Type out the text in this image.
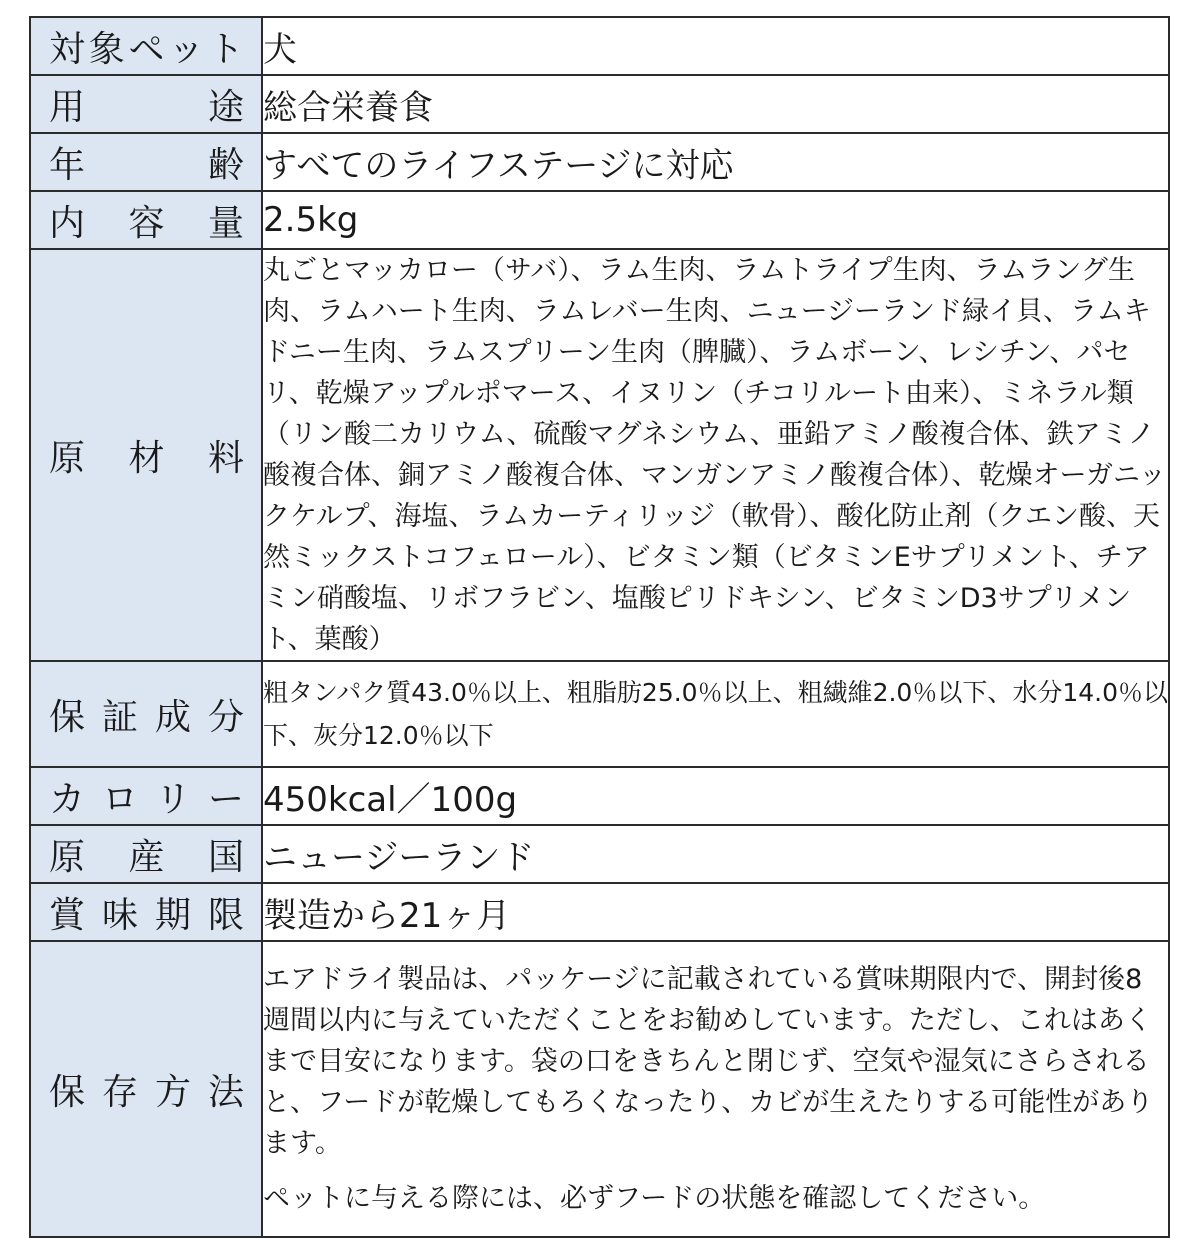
対象ペット	犬
用　途	総合栄養食
年　齢	すべてのライフステージに対応
内容量	2.5kg
原材料	丸ごとマッカロー（サバ）、ラム生肉、ラムトライプ生肉、ラムラング生肉、ラムハート生肉、ラムレバー生肉、ニュージーランド緑イ貝、ラムキドニー生肉、ラムスプリーン生肉（脾臓）、ラムボーン、レシチン、パセリ、乾燥アップルポマース、イヌリン（チコリルート由来）、ミネラル類（リン酸二カリウム、硫酸マグネシウム、亜鉛アミノ酸複合体、鉄アミノ酸複合体、銅アミノ酸複合体、マンガンアミノ酸複合体）、乾燥オーガニックケルプ、海塩、ラムカーティリッジ（軟骨）、酸化防止剤（クエン酸、天然ミックストコフェロール）、ビタミン類（ビタミンEサプリメント、チアミン硝酸塩、リボフラビン、塩酸ピリドキシン、ビタミンD3サプリメント、葉酸）
保証成分	粗タンパク質43.0％以上、粗脂肪25.0％以上、粗繊維2.0％以下、水分14.0％以下、灰分12.0％以下
カロリー	450kcal／100g
原産国	ニュージーランド
賞味期限	製造から21ヶ月
保存方法	エアドライ製品は、パッケージに記載されている賞味期限内で、開封後8週間以内に与えていただくことをお勧めしています。ただし、これはあくまで目安になります。袋の口をきちんと閉じず、空気や湿気にさらされると、フードが乾燥してもろくなったり、カビが生えたりする可能性があります。
ペットに与える際には、必ずフードの状態を確認してください。
